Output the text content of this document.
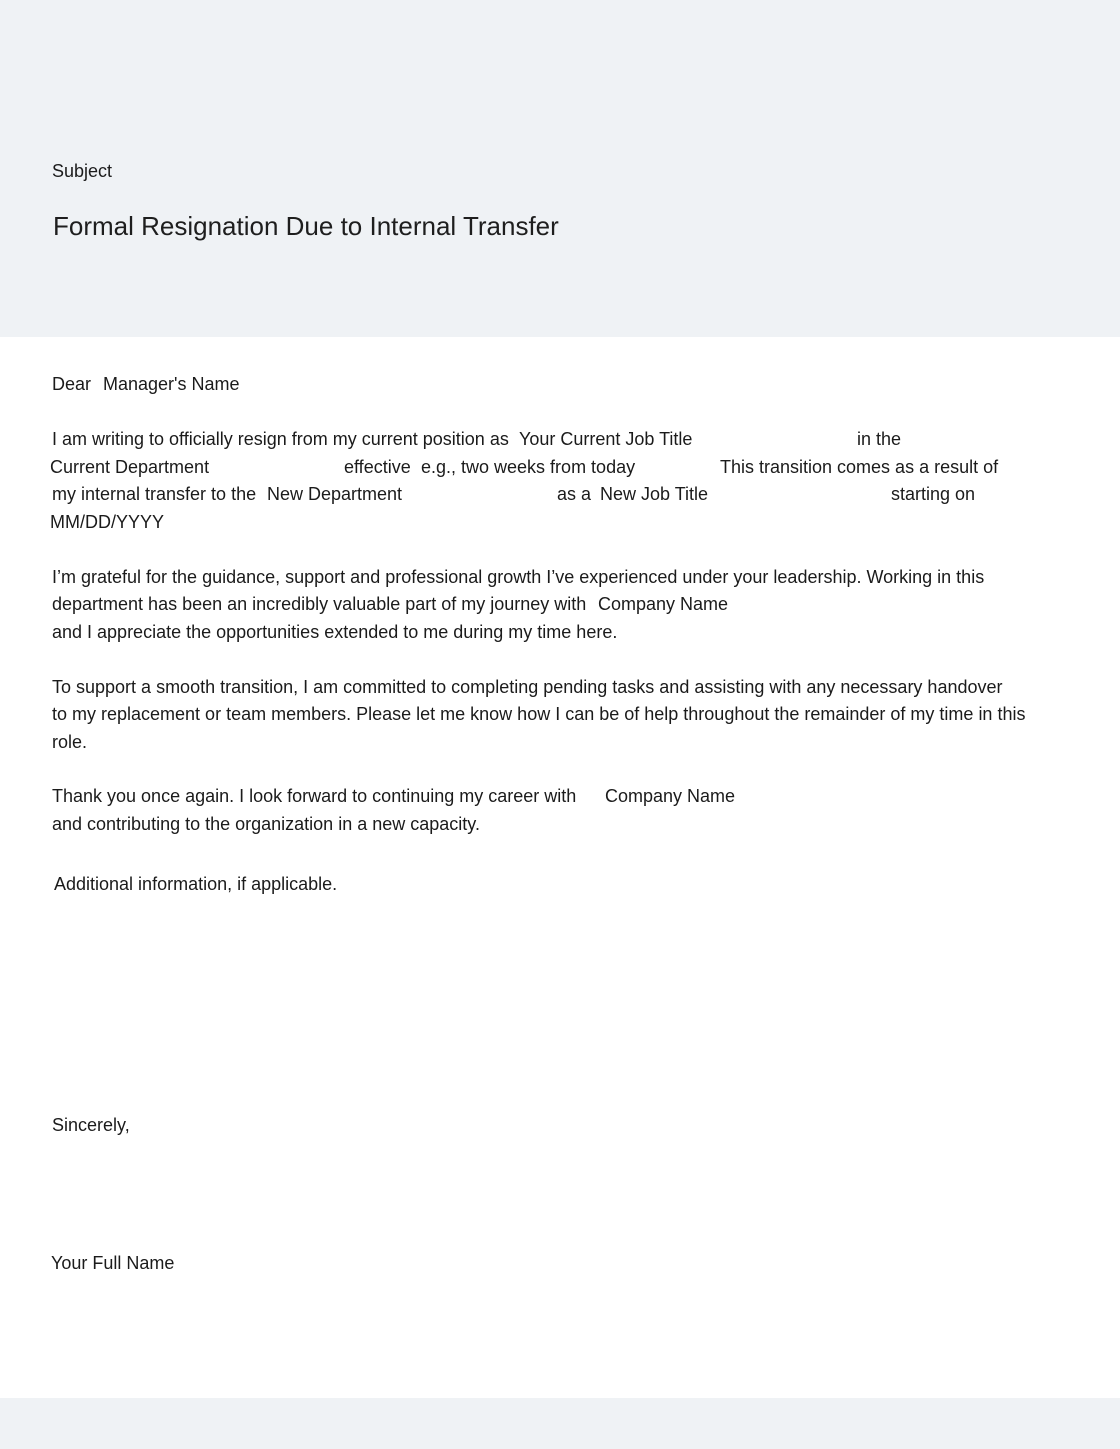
Subject
Formal Resignation Due to Internal Transfer
Dear Manager's Name
I am writing to officially resign from my current position as Your Current Job Title	in the
Current Department	effective e.g., two weeks from today	This transition comes as a result of
my internal transfer to the New Department	as a New Job Title	starting on
MM/DD/YYYY
I’m grateful for the guidance, support and professional growth I’ve experienced under your leadership. Working in this
department has been an incredibly valuable part of my journey with Company Name
and I appreciate the opportunities extended to me during my time here.
To support a smooth transition, I am committed to completing pending tasks and assisting with any necessary handover
to my replacement or team members. Please let me know how I can be of help throughout the remainder of my time in this
role.
Thank you once again. I look forward to continuing my career with Company Name
and contributing to the organization in a new capacity.
Additional information, if applicable.
Sincerely,
Your Full Name
